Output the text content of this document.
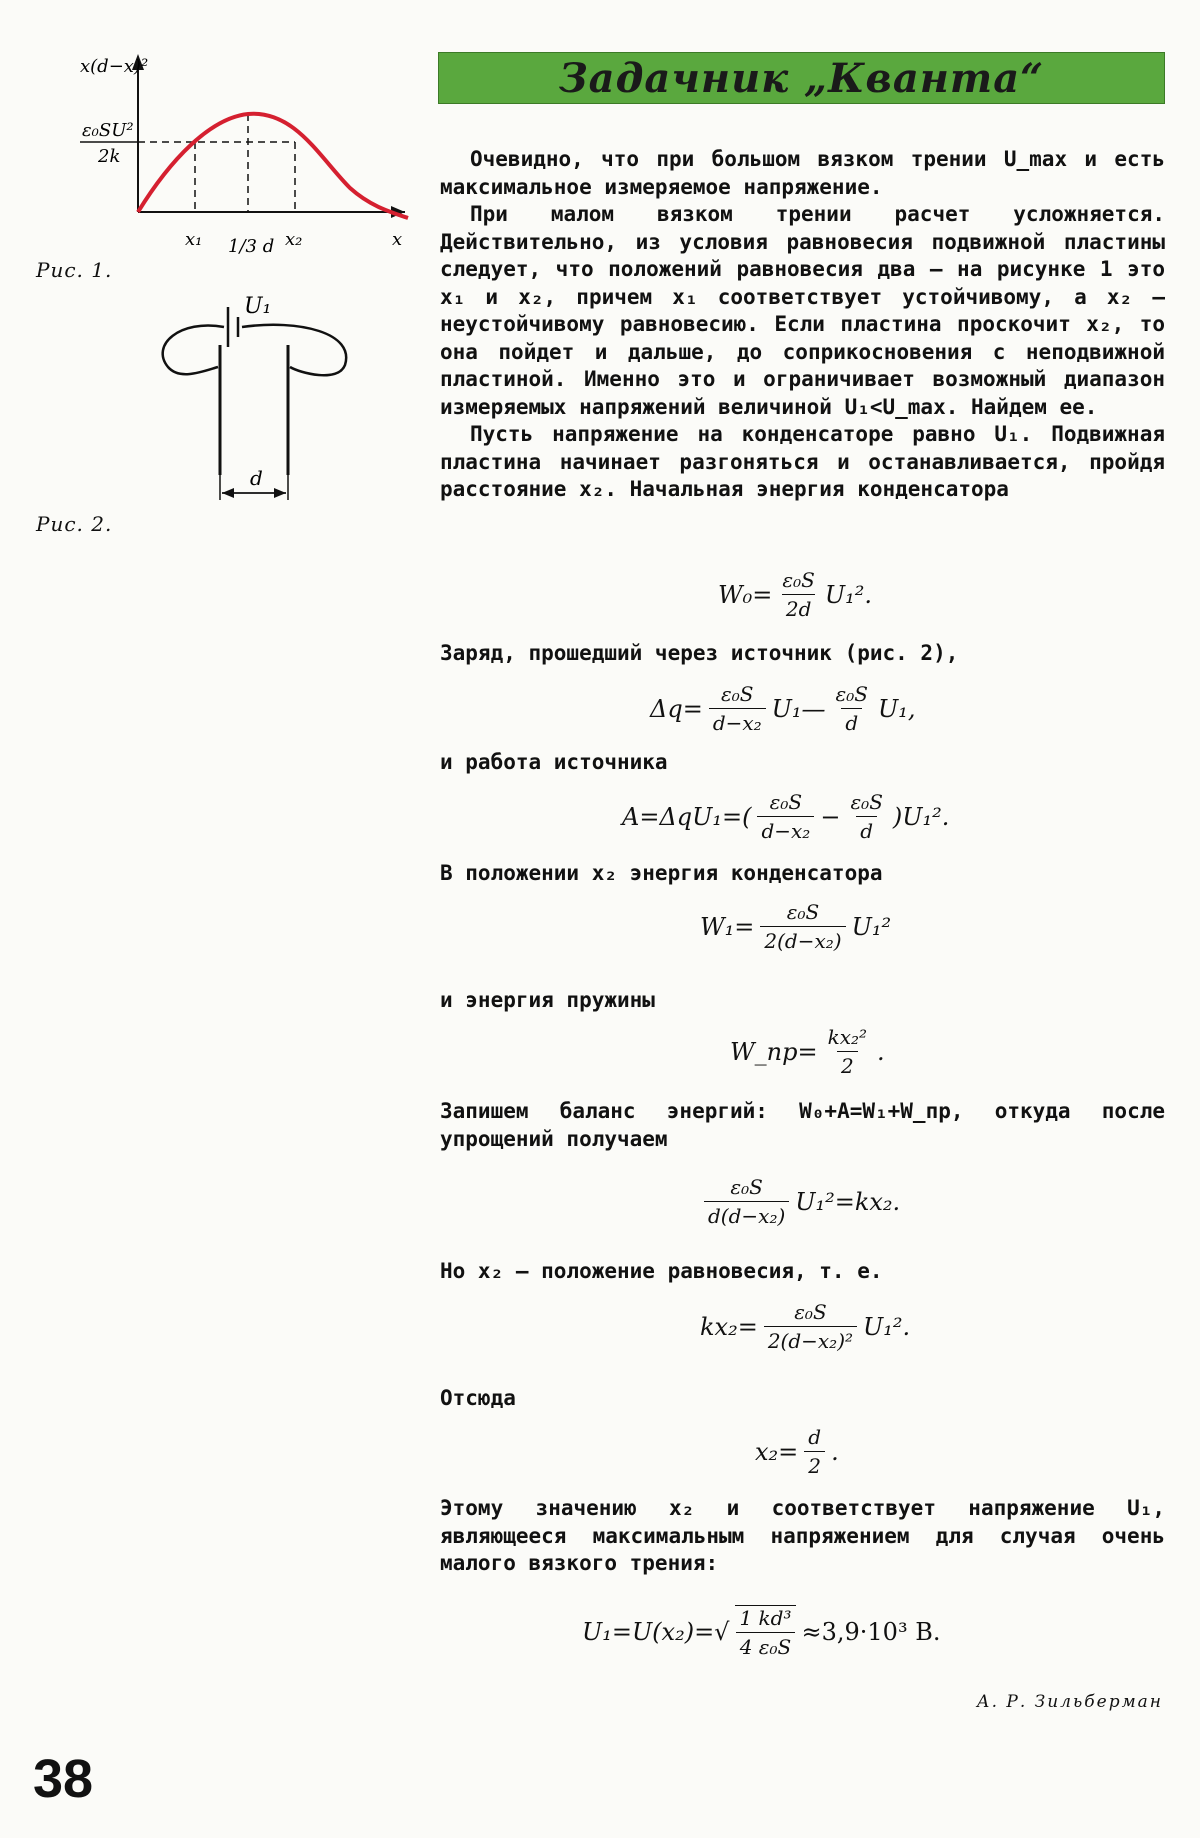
Задачник „Кванта“
x(d−x)²
ε₀SU²
2k
x₁ 1/3 d x₂	x
Рис. 1.
U₁
d
Рис. 2.

Очевидно, что при большом вязком трении U_max и есть максимальное измеряемое напряжение.

При малом вязком трении расчет усложняется. Действительно, из условия равновесия подвижной пластины следует, что положений равновесия два — на рисунке 1 это x₁ и x₂, причем x₁ соответствует устойчивому, а x₂ — неустойчивому равновесию. Если пластина проскочит x₂, то она пойдет и дальше, до соприкосновения с неподвижной пластиной. Именно это и ограничивает возможный диапазон измеряемых напряжений величиной U₁<U_max. Найдем ее.

Пусть напряжение на конденсаторе равно U₁. Подвижная пластина начинает разгоняться и останавливается, пройдя расстояние x₂. Начальная энергия конденсатора

$W_0= \frac{\text{ε₀S}}{2d} U_1^2$.

Заряд, прошедший через источник (рис. 2),

$\Delta q= \frac{\text{ε₀S}}{\text{d−x₂}}$ U₁— $\frac{\text{ε₀S}}{d} U_1$,

и работа источника

$A=\Delta qU_1=( \frac{\text{ε₀S}}{\text{d−x₂}} - \frac{\text{ε₀S}}{d} )U_1^2$.

В положении x₂ энергия конденсатора

$W_1= \frac{\text{ε₀S}}{\text{2(d−x₂)}} U_1^2$

и энергия пружины

W_пр= $\frac{\text{kx₂²}}{2}$ .

Запишем баланс энергий: W₀+A=W₁+W_пр, откуда после упрощений получаем

$\frac{\text{ε₀S}}{\text{d(d−x₂)}} U_1^2=kx_2$.

Но x₂ — положение равновесия, т. е.

$kx_2= \frac{\text{ε₀S}}{\text{2(d−x₂)²}} U_1^2$.

Отсюда

$x_2= \frac{d}{2}$ .

Этому значению x₂ и соответствует напряжение U₁, являющееся максимальным напряжением для случая очень малого вязкого трения:

$U_1=U(x_2)=√ \frac{\text{1 kd³}}{\text{4 ε₀S}} \approx 3,9\cdot 10^3$ В.
А. Р. Зильберман
38
